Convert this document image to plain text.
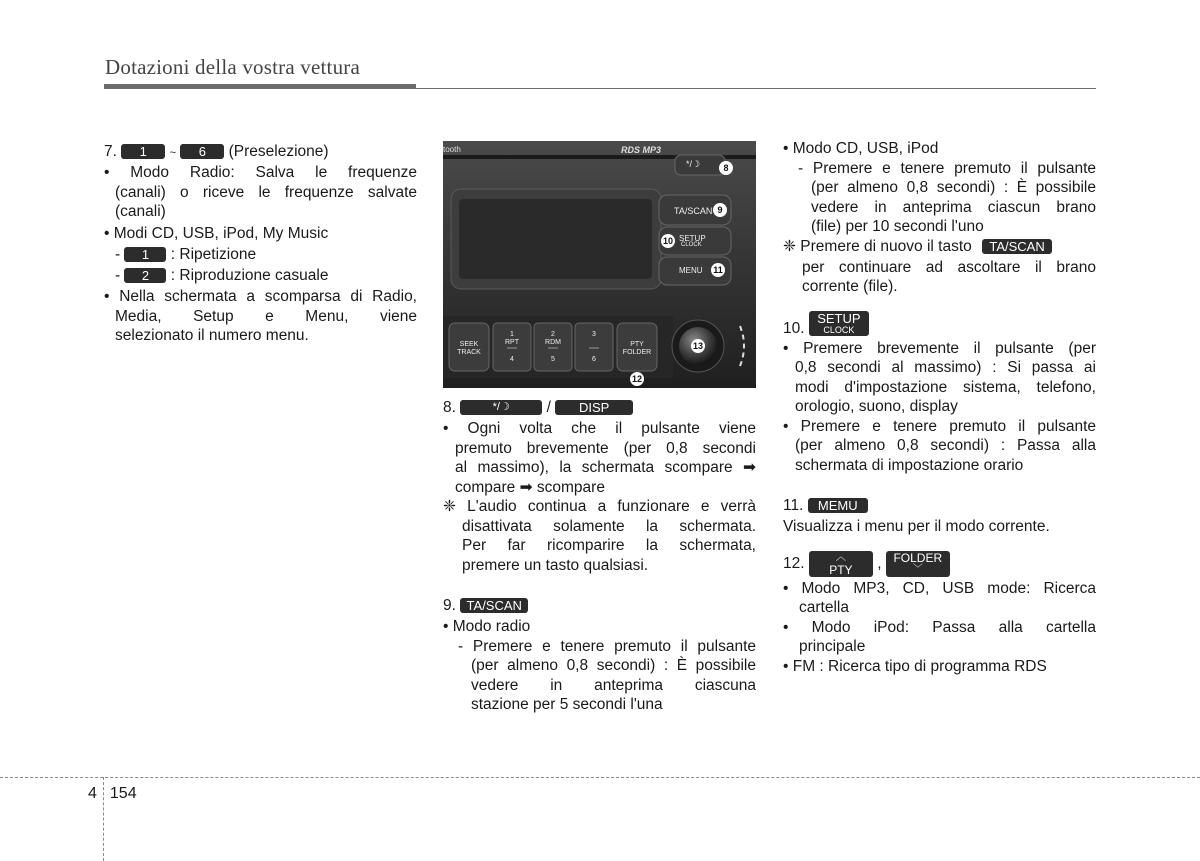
Dotazioni della vostra vettura
7. 1 ~ 6 (Preselezione)
• Modo Radio: Salva le frequenze
(canali) o riceve le frequenze salvate
(canali)
• Modi CD, USB, iPod, My Music
- 1 : Ripetizione
- 2 : Riproduzione casuale
• Nella schermata a scomparsa di Radio,
Media, Setup e Menu, viene
selezionato il numero menu.
tooth	RDS MP3
*/☽
TA/SCAN
SETUP
CLOCK
MENU
SEEK
TRACK
1
RPT
4
2
RDM
5
3
6
PTY
FOLDER
8
9
10
11
12
13
8.	*/☽ / DISP
• Ogni volta che il pulsante viene
premuto brevemente (per 0,8 secondi
al massimo), la schermata scompare ➡
compare ➡ scompare
❈ L'audio continua a funzionare e verrà
disattivata solamente la schermata.
Per far ricomparire la schermata,
premere un tasto qualsiasi.
9. TA/SCAN
• Modo radio
- Premere e tenere premuto il pulsante
(per almeno 0,8 secondi) : È possibile
vedere in anteprima ciascuna
stazione per 5 secondi l'una
• Modo CD, USB, iPod
- Premere e tenere premuto il pulsante
(per almeno 0,8 secondi) : È possibile
vedere in anteprima ciascun brano
(file) per 10 secondi l'uno
❈ Premere di nuovo il tasto TA/SCAN
per continuare ad ascoltare il brano
corrente (file).
10.
SETUP
CLOCK
• Premere brevemente il pulsante (per
0,8 secondi al massimo) : Si passa ai
modi d'impostazione sistema, telefono,
orologio, suono, display
• Premere e tenere premuto il pulsante
(per almeno 0,8 secondi) : Passa alla
schermata di impostazione orario
11. MEMU
Visualizza i menu per il modo corrente.
12.	︿
PTY	, FOLDER
﹀
• Modo MP3, CD, USB mode: Ricerca
cartella
• Modo iPod: Passa alla cartella
principale
• FM : Ricerca tipo di programma RDS
4 154
